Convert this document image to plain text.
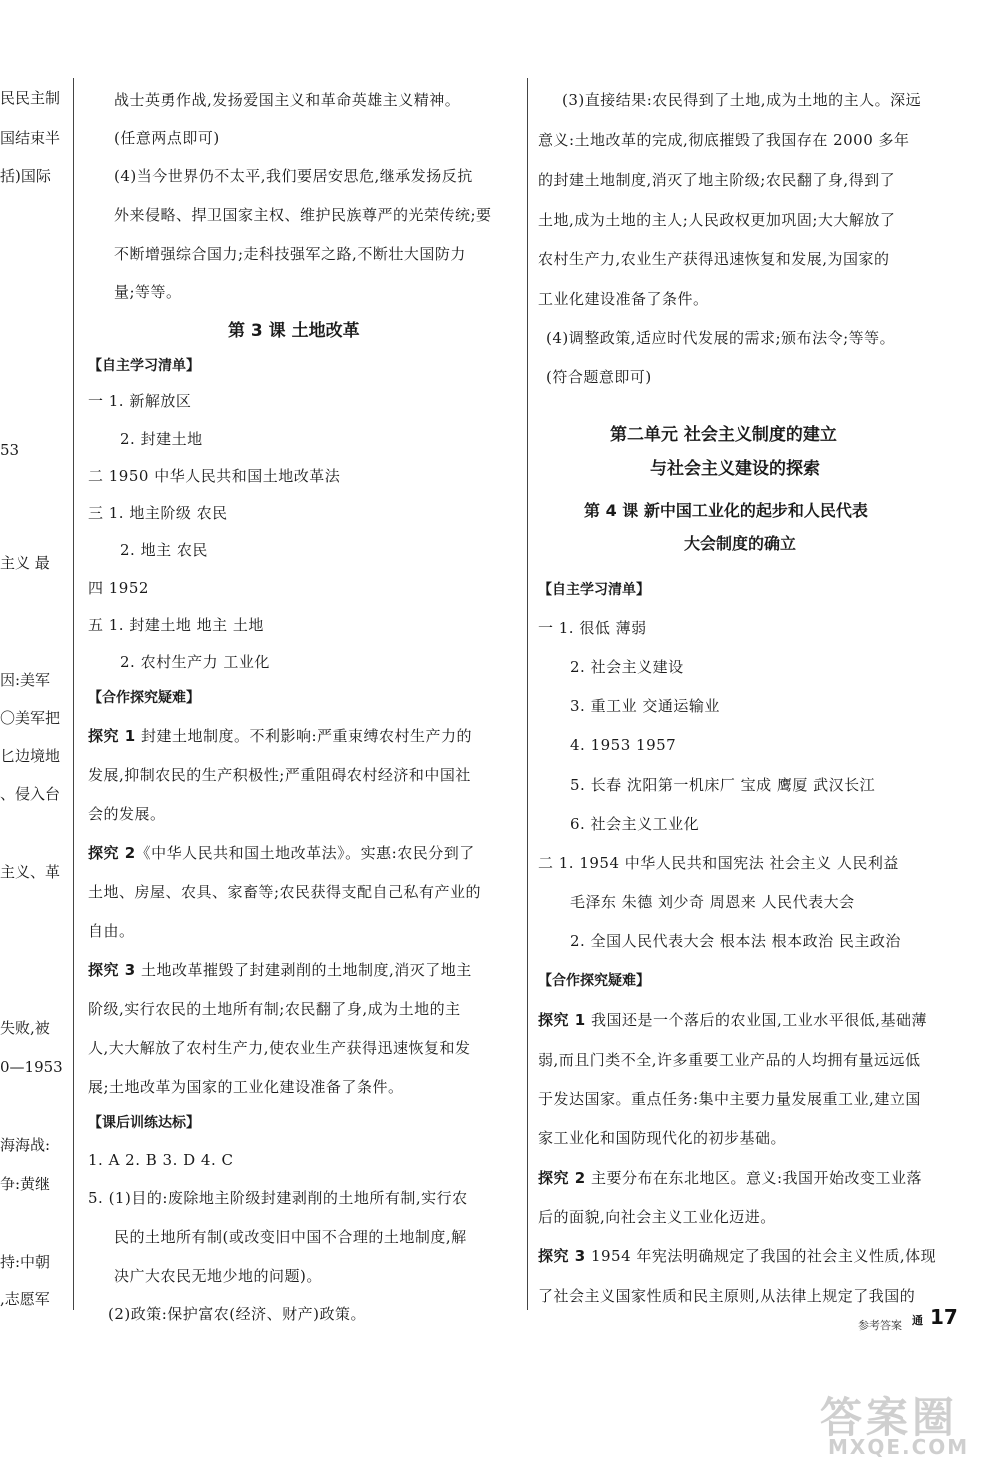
民民主制
国结束半
括)国际
53
主义 最
因:美军
〇美军把
匕边境地
、侵入台
主义、革
失败,被
0—1953
海海战:
争:黄继
持:中朝
,志愿军
战士英勇作战,发扬爱国主义和革命英雄主义精神。
(任意两点即可)
(4)当今世界仍不太平,我们要居安思危,继承发扬反抗
外来侵略、捍卫国家主权、维护民族尊严的光荣传统;要
不断增强综合国力;走科技强军之路,不断壮大国防力
量;等等。
第 3 课 土地改革
【自主学习清单】
一 1. 新解放区
2. 封建土地
二 1950 中华人民共和国土地改革法
三 1. 地主阶级 农民
2. 地主 农民
四 1952
五 1. 封建土地 地主 土地
2. 农村生产力 工业化
【合作探究疑难】
探究 1 封建土地制度。不利影响:严重束缚农村生产力的
发展,抑制农民的生产积极性;严重阻碍农村经济和中国社
会的发展。
探究 2《中华人民共和国土地改革法》。实惠:农民分到了
土地、房屋、农具、家畜等;农民获得支配自己私有产业的
自由。
探究 3 土地改革摧毁了封建剥削的土地制度,消灭了地主
阶级,实行农民的土地所有制;农民翻了身,成为土地的主
人,大大解放了农村生产力,使农业生产获得迅速恢复和发
展;土地改革为国家的工业化建设准备了条件。
【课后训练达标】
1. A 2. B 3. D 4. C
5. (1)目的:废除地主阶级封建剥削的土地所有制,实行农
民的土地所有制(或改变旧中国不合理的土地制度,解
决广大农民无地少地的问题)。
(2)政策:保护富农(经济、财产)政策。
(3)直接结果:农民得到了土地,成为土地的主人。深远
意义:土地改革的完成,彻底摧毁了我国存在 2000 多年
的封建土地制度,消灭了地主阶级;农民翻了身,得到了
土地,成为土地的主人;人民政权更加巩固;大大解放了
农村生产力,农业生产获得迅速恢复和发展,为国家的
工业化建设准备了条件。
(4)调整政策,适应时代发展的需求;颁布法令;等等。
(符合题意即可)
第二单元 社会主义制度的建立
与社会主义建设的探索
第 4 课 新中国工业化的起步和人民代表
大会制度的确立
【自主学习清单】
一 1. 很低 薄弱
2. 社会主义建设
3. 重工业 交通运输业
4. 1953 1957
5. 长春 沈阳第一机床厂 宝成 鹰厦 武汉长江
6. 社会主义工业化
二 1. 1954 中华人民共和国宪法 社会主义 人民利益
毛泽东 朱德 刘少奇 周恩来 人民代表大会
2. 全国人民代表大会 根本法 根本政治 民主政治
【合作探究疑难】
探究 1 我国还是一个落后的农业国,工业水平很低,基础薄
弱,而且门类不全,许多重要工业产品的人均拥有量远远低
于发达国家。重点任务:集中主要力量发展重工业,建立国
家工业化和国防现代化的初步基础。
探究 2 主要分布在东北地区。意义:我国开始改变工业落
后的面貌,向社会主义工业化迈进。
探究 3 1954 年宪法明确规定了我国的社会主义性质,体现
了社会主义国家性质和民主原则,从法律上规定了我国的
参考答案 通 17
答案圈
MXQE.COM
